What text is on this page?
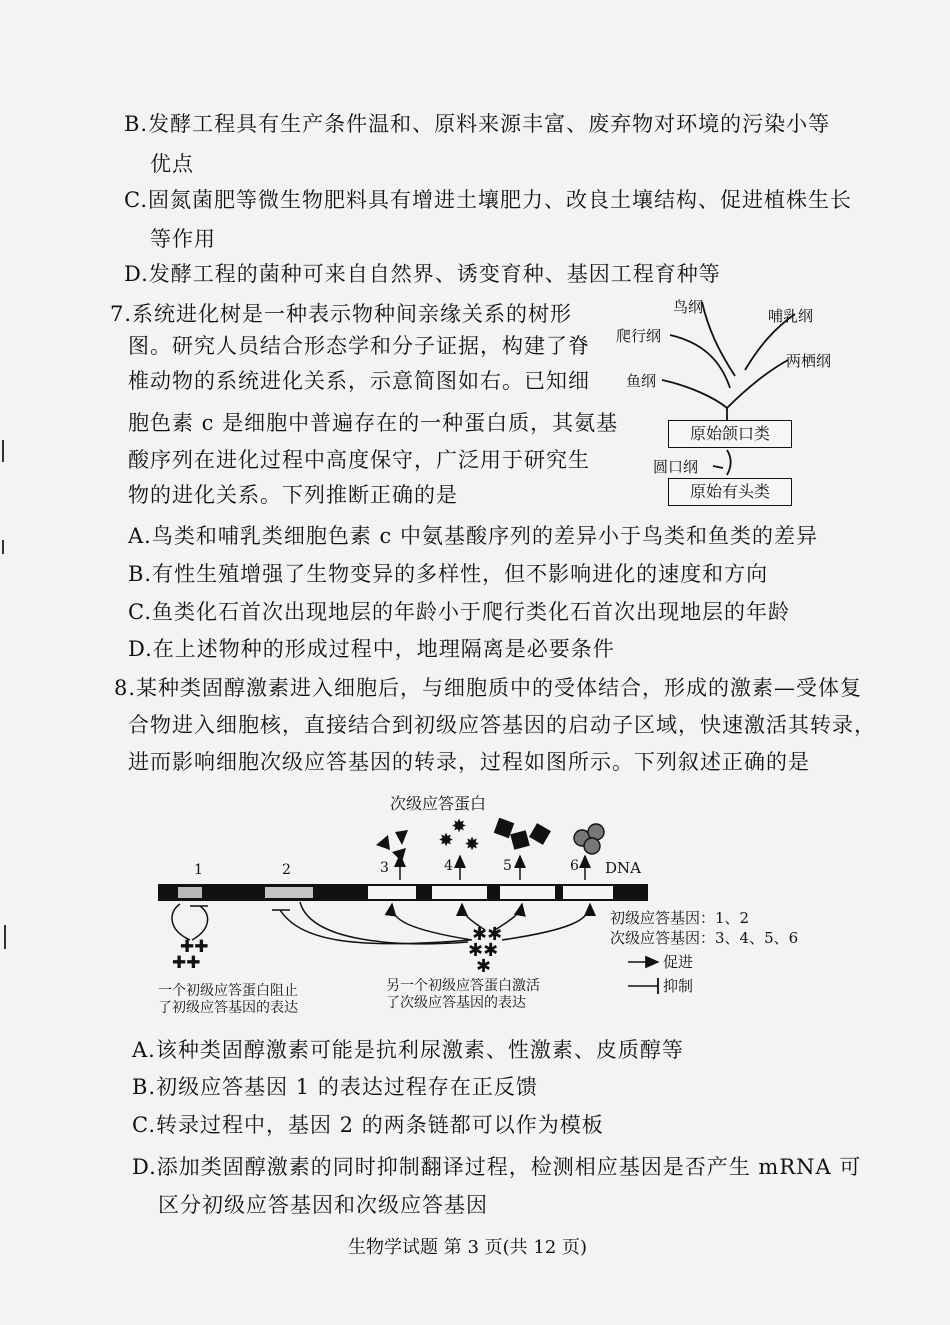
B.发酵工程具有生产条件温和、原料来源丰富、废弃物对环境的污染小等
优点
C.固氮菌肥等微生物肥料具有增进土壤肥力、改良土壤结构、促进植株生长
等作用
D.发酵工程的菌种可来自自然界、诱变育种、基因工程育种等
7.系统进化树是一种表示物种间亲缘关系的树形
图。研究人员结合形态学和分子证据，构建了脊
椎动物的系统进化关系，示意简图如右。已知细
胞色素 c 是细胞中普遍存在的一种蛋白质，其氨基
酸序列在进化过程中高度保守，广泛用于研究生
物的进化关系。下列推断正确的是
鸟纲	哺乳纲
爬行纲
两栖纲
鱼纲
原始颌口类
圆口纲
原始有头类
A.鸟类和哺乳类细胞色素 c 中氨基酸序列的差异小于鸟类和鱼类的差异
B.有性生殖增强了生物变异的多样性，但不影响进化的速度和方向
C.鱼类化石首次出现地层的年龄小于爬行类化石首次出现地层的年龄
D.在上述物种的形成过程中，地理隔离是必要条件
8.某种类固醇激素进入细胞后，与细胞质中的受体结合，形成的激素—受体复
合物进入细胞核，直接结合到初级应答基因的启动子区域，快速激活其转录，
进而影响细胞次级应答基因的转录，过程如图所示。下列叙述正确的是
✸
✸ ✸
✚✚
✚✚
✱✱
✱✱
✱
次级应答蛋白
1	2	3	4	5	6 DNA
初级应答基因：1、2
次级应答基因：3、4、5、6
促进
抑制
一个初级应答蛋白阻止
了初级应答基因的表达
另一个初级应答蛋白激活
了次级应答基因的表达
A.该种类固醇激素可能是抗利尿激素、性激素、皮质醇等
B.初级应答基因 1 的表达过程存在正反馈
C.转录过程中，基因 2 的两条链都可以作为模板
D.添加类固醇激素的同时抑制翻译过程，检测相应基因是否产生 mRNA 可
区分初级应答基因和次级应答基因
生物学试题 第 3 页(共 12 页)
